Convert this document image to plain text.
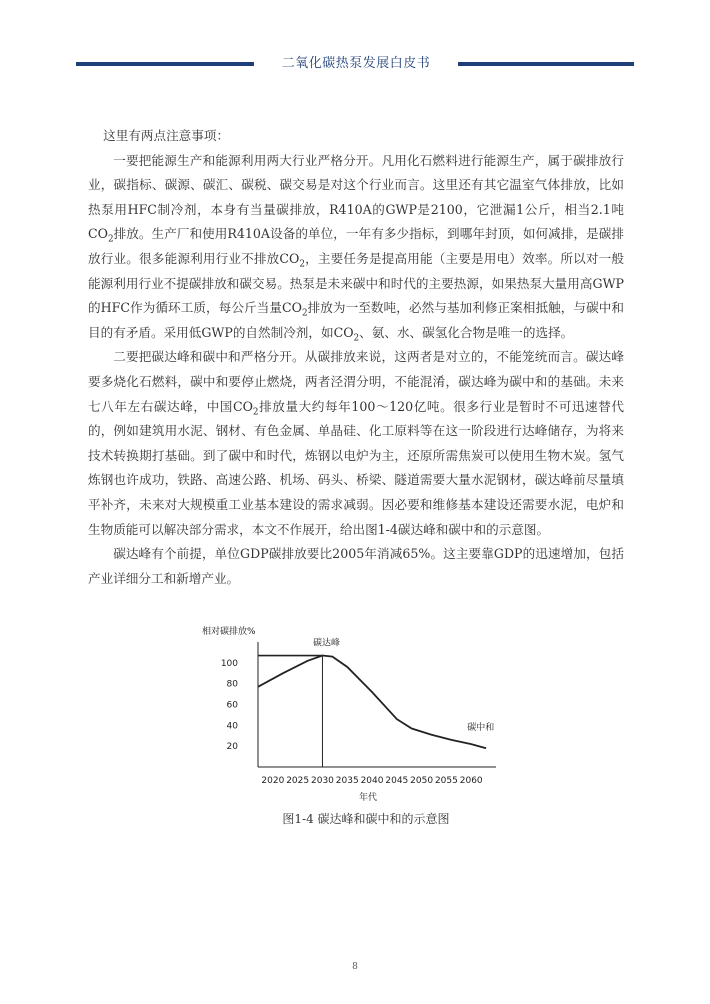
二氧化碳热泵发展白皮书

这里有两点注意事项：

一要把能源生产和能源利用两大行业严格分开。凡用化石燃料进行能源生产，属于碳排放行业，碳指标、碳源、碳汇、碳税、碳交易是对这个行业而言。这里还有其它温室气体排放，比如热泵用HFC制冷剂，本身有当量碳排放，R410A的GWP是2100，它泄漏1公斤，相当2.1吨$CO_2$排放。生产厂和使用R410A设备的单位，一年有多少指标，到哪年封顶，如何减排，是碳排放行业。很多能源利用行业不排放$CO_2$，主要任务是提高用能（主要是用电）效率。所以对一般能源利用行业不提碳排放和碳交易。热泵是未来碳中和时代的主要热源，如果热泵大量用高GWP的HFC作为循环工质，每公斤当量$CO_2$排放为一至数吨，必然与基加利修正案相抵触，与碳中和目的有矛盾。采用低GWP的自然制冷剂，如$CO_2$、氨、水、碳氢化合物是唯一的选择。

二要把碳达峰和碳中和严格分开。从碳排放来说，这两者是对立的，不能笼统而言。碳达峰要多烧化石燃料，碳中和要停止燃烧，两者泾渭分明，不能混淆，碳达峰为碳中和的基础。未来七八年左右碳达峰，中国$CO_2$排放量大约每年100～120亿吨。很多行业是暂时不可迅速替代的，例如建筑用水泥、钢材、有色金属、单晶硅、化工原料等在这一阶段进行达峰储存，为将来技术转换期打基础。到了碳中和时代，炼钢以电炉为主，还原所需焦炭可以使用生物木炭。氢气炼钢也许成功，铁路、高速公路、机场、码头、桥梁、隧道需要大量水泥钢材，碳达峰前尽量填平补齐，未来对大规模重工业基本建设的需求减弱。因必要和维修基本建设还需要水泥，电炉和生物质能可以解决部分需求，本文不作展开，给出图1-4碳达峰和碳中和的示意图。

碳达峰有个前提，单位GDP碳排放要比2005年消减65%。这主要靠GDP的迅速增加，包括产业详细分工和新增产业。

相对碳排放%
年代
100
80
60
40
20
2020 2025 2030 2035 2040 2045 2050 2055 2060
碳达峰
碳中和
图1-4 碳达峰和碳中和的示意图
8
